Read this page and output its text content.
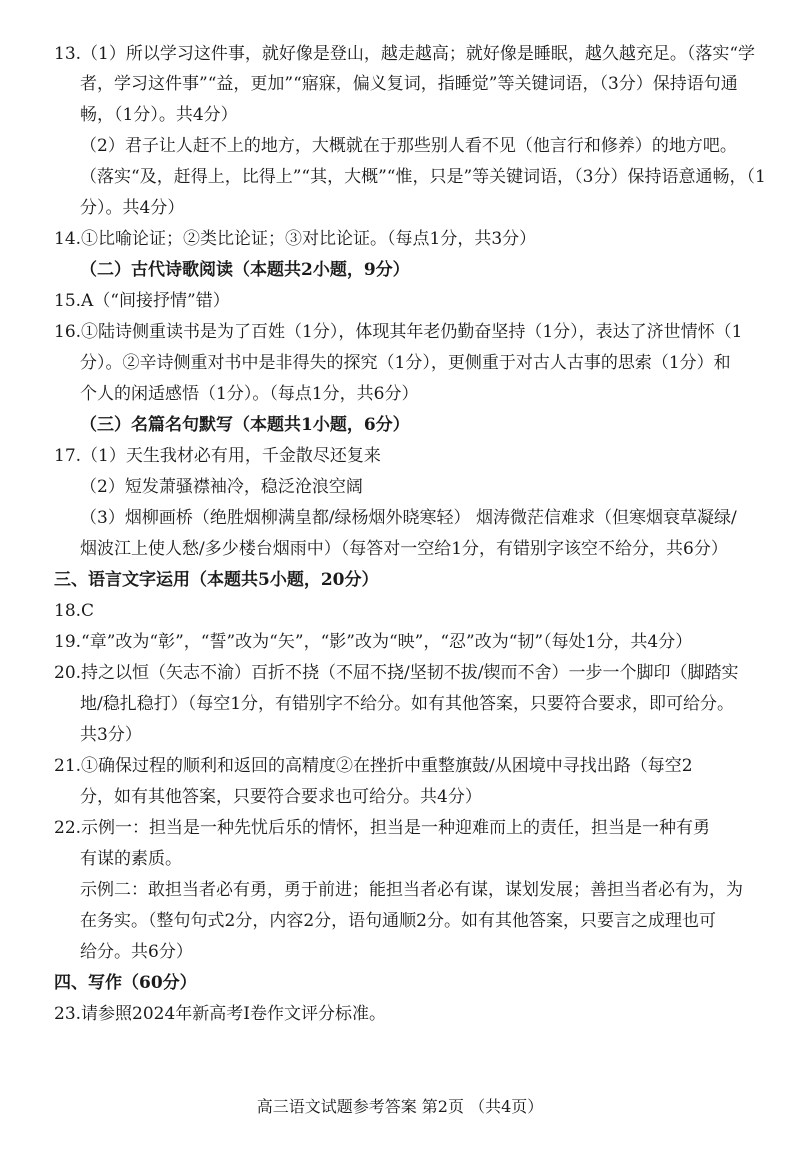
13.（1）所以学习这件事，就好像是登山，越走越高；就好像是睡眠，越久越充足。（落实“学
者，学习这件事”“益，更加”“寤寐，偏义复词，指睡觉”等关键词语，（3分）保持语句通
畅，（1分）。共4分）
（2）君子让人赶不上的地方，大概就在于那些别人看不见（他言行和修养）的地方吧。
（落实“及，赶得上，比得上”“其，大概”“惟，只是”等关键词语，（3分）保持语意通畅，（1
分）。共4分）
14.①比喻论证；②类比论证；③对比论证。（每点1分，共3分）
（二）古代诗歌阅读（本题共2小题，9分）
15.A（“间接抒情”错）
16.①陆诗侧重读书是为了百姓（1分），体现其年老仍勤奋坚持（1分），表达了济世情怀（1
分）。②辛诗侧重对书中是非得失的探究（1分），更侧重于对古人古事的思索（1分）和
个人的闲适感悟（1分）。（每点1分，共6分）
（三）名篇名句默写（本题共1小题，6分）
17.（1）天生我材必有用，千金散尽还复来
（2）短发萧骚襟袖冷，稳泛沧浪空阔
（3）烟柳画桥（绝胜烟柳满皇都/绿杨烟外晓寒轻） 烟涛微茫信难求（但寒烟衰草凝绿/
烟波江上使人愁/多少楼台烟雨中）（每答对一空给1分，有错别字该空不给分，共6分）
三、语言文字运用（本题共5小题，20分）
18.C
19.“章”改为“彰”，“誓”改为“矢”，“影”改为“映”，“忍”改为“韧”（每处1分，共4分）
20.持之以恒（矢志不渝）百折不挠（不屈不挠/坚韧不拔/锲而不舍）一步一个脚印（脚踏实
地/稳扎稳打）（每空1分，有错别字不给分。如有其他答案，只要符合要求，即可给分。
共3分）
21.①确保过程的顺利和返回的高精度②在挫折中重整旗鼓/从困境中寻找出路（每空2
分，如有其他答案，只要符合要求也可给分。共4分）
22.示例一：担当是一种先忧后乐的情怀，担当是一种迎难而上的责任，担当是一种有勇
有谋的素质。
示例二：敢担当者必有勇，勇于前进；能担当者必有谋，谋划发展；善担当者必有为，为
在务实。（整句句式2分，内容2分，语句通顺2分。如有其他答案，只要言之成理也可
给分。共6分）
四、写作（60分）
23.请参照2024年新高考Ⅰ卷作文评分标准。
高三语文试题参考答案 第2页 （共4页）
